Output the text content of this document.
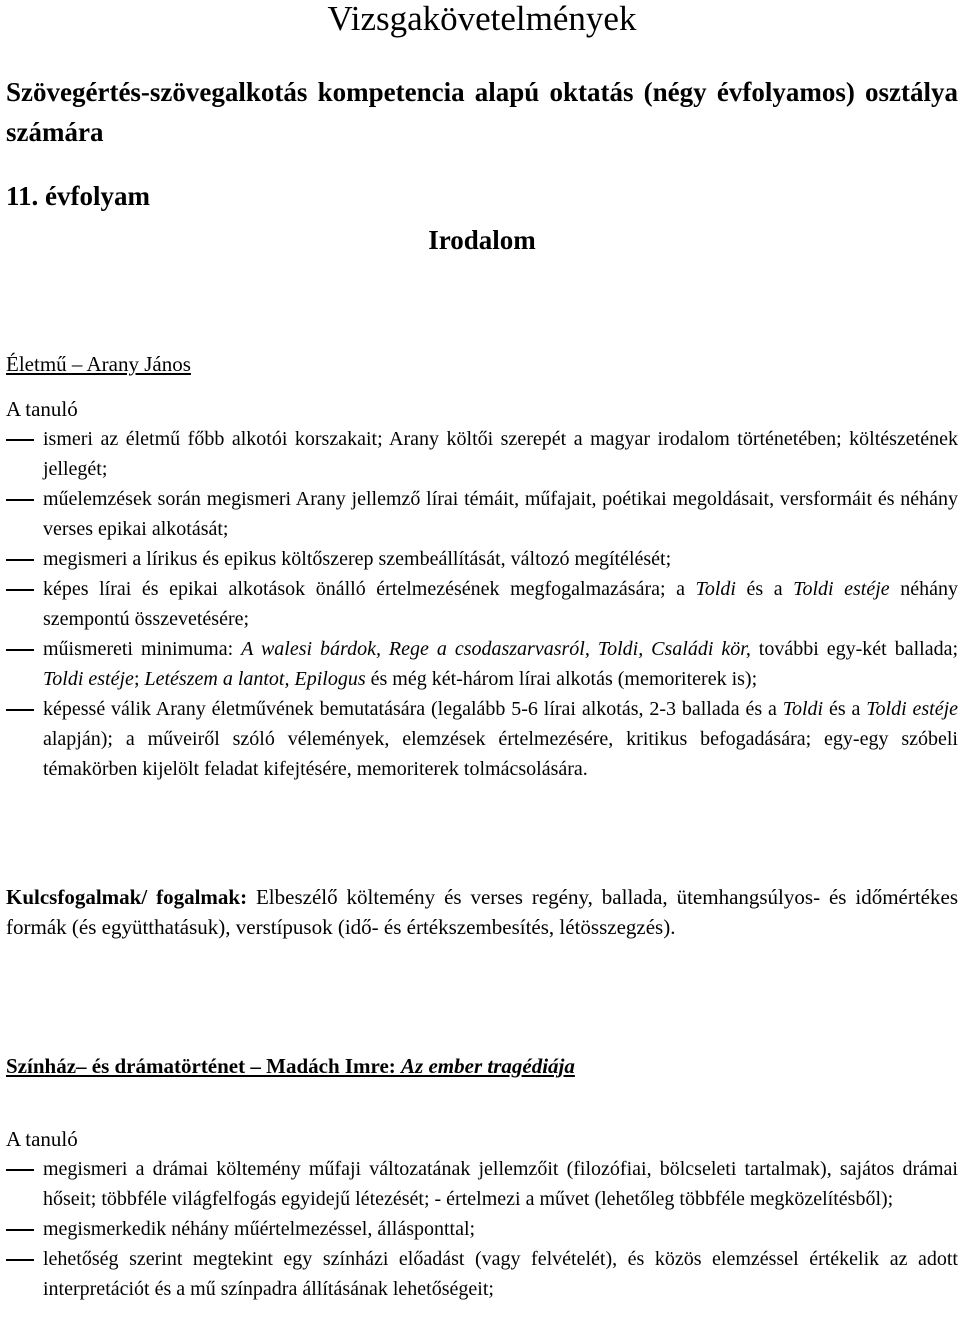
Vizsgakövetelmények

Szövegértés-szövegalkotás kompetencia alapú oktatás (négy évfolyamos) osztálya számára

11. évfolyam

Irodalom

Életmű – Arany János

A tanuló

ismeri az életmű főbb alkotói korszakait; Arany költői szerepét a magyar irodalom történetében; költészetének jellegét;
műelemzések során megismeri Arany jellemző lírai témáit, műfajait, poétikai megoldásait, versformáit és néhány verses epikai alkotását;
megismeri a lírikus és epikus költőszerep szembeállítását, változó megítélését;
képes lírai és epikai alkotások önálló értelmezésének megfogalmazására; a Toldi és a Toldi estéje néhány szempontú összevetésére;
műismereti minimuma: A walesi bárdok, Rege a csodaszarvasról, Toldi, Családi kör, további egy-két ballada; Toldi estéje; Letészem a lantot, Epilogus és még két-három lírai alkotás (memoriterek is);
képessé válik Arany életművének bemutatására (legalább 5-6 lírai alkotás, 2-3 ballada és a Toldi és a Toldi estéje alapján); a műveiről szóló vélemények, elemzések értelmezésére, kritikus befogadására; egy-egy szóbeli témakörben kijelölt feladat kifejtésére, memoriterek tolmácsolására.

Kulcsfogalmak/ fogalmak: Elbeszélő költemény és verses regény, ballada, ütemhangsúlyos- és időmértékes formák (és együtthatásuk), verstípusok (idő- és értékszembesítés, létösszegzés).

Színház– és drámatörténet – Madách Imre: Az ember tragédiája

A tanuló

megismeri a drámai költemény műfaji változatának jellemzőit (filozófiai, bölcseleti tartalmak), sajátos drámai hőseit; többféle világfelfogás egyidejű létezését; - értelmezi a művet (lehetőleg többféle megközelítésből);
megismerkedik néhány műértelmezéssel, állásponttal;
lehetőség szerint megtekint egy színházi előadást (vagy felvételét), és közös elemzéssel értékelik az adott interpretációt és a mű színpadra állításának lehetőségeit;
